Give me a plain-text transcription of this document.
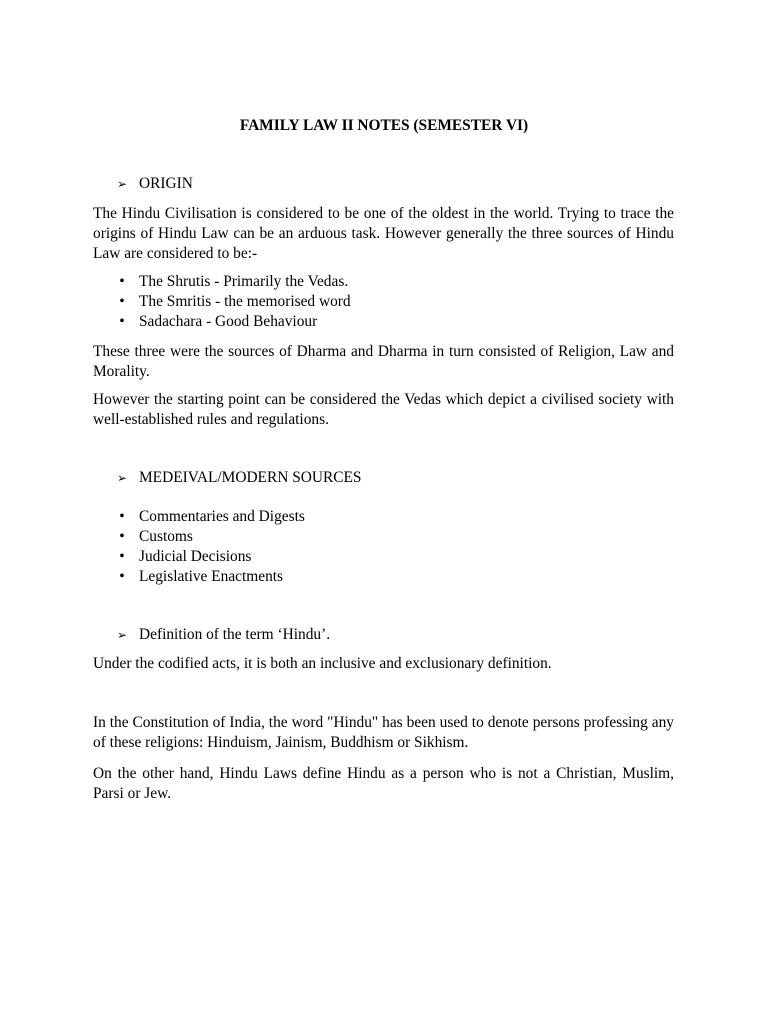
FAMILY LAW II NOTES (SEMESTER VI)
➢ ORIGIN
The Hindu Civilisation is considered to be one of the oldest in the world. Trying to trace the origins of Hindu Law can be an arduous task. However generally the three sources of Hindu Law are considered to be:-
• The Shrutis - Primarily the Vedas.
• The Smritis - the memorised word
• Sadachara - Good Behaviour
These three were the sources of Dharma and Dharma in turn consisted of Religion, Law and Morality.
However the starting point can be considered the Vedas which depict a civilised society with well-established rules and regulations.
➢ MEDEIVAL/MODERN SOURCES
• Commentaries and Digests
• Customs
• Judicial Decisions
• Legislative Enactments
➢ Definition of the term ‘Hindu’.
Under the codified acts, it is both an inclusive and exclusionary definition.
In the Constitution of India, the word "Hindu" has been used to denote persons professing any of these religions: Hinduism, Jainism, Buddhism or Sikhism.
On the other hand, Hindu Laws define Hindu as a person who is not a Christian, Muslim, Parsi or Jew.
